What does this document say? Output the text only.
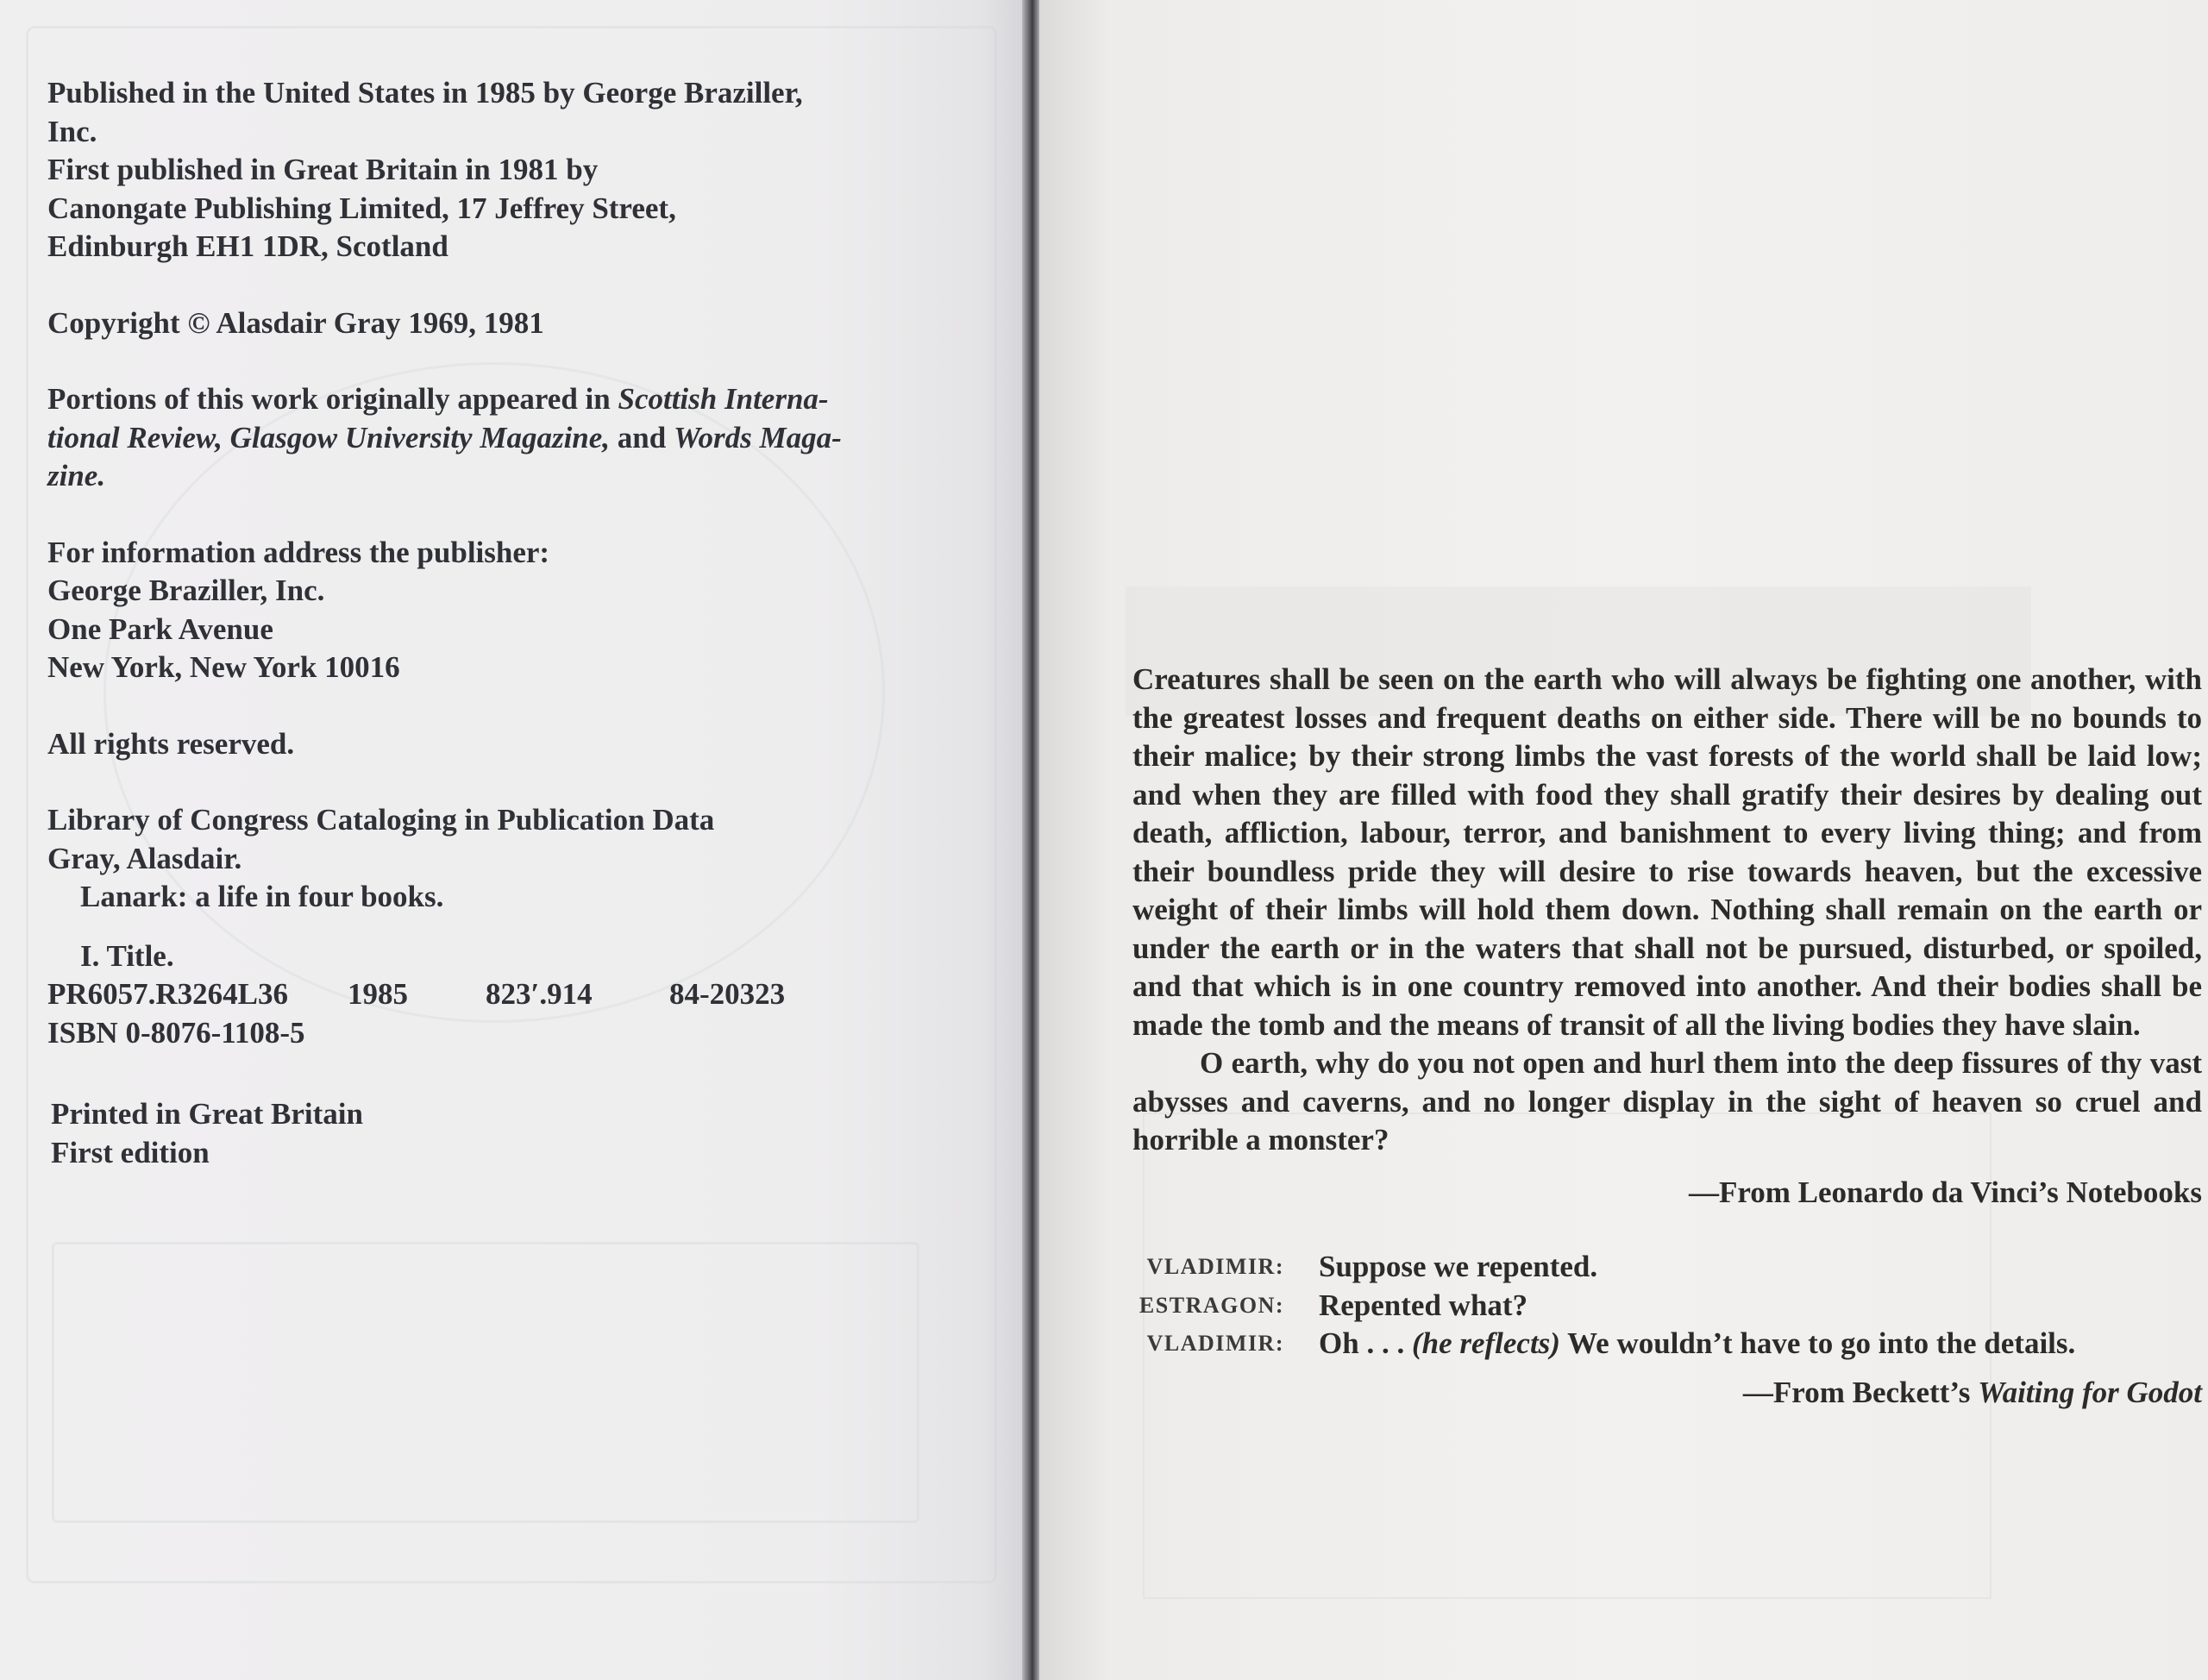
Published in the United States in 1985 by George Braziller,

Inc.

First published in Great Britain in 1981 by

Canongate Publishing Limited, 17 Jeffrey Street,

Edinburgh EH1 1DR, Scotland

Copyright © Alasdair Gray 1969, 1981

Portions of this work originally appeared in Scottish Interna-

tional Review, Glasgow University Magazine, and Words Maga-

zine.

For information address the publisher:

George Braziller, Inc.

One Park Avenue

New York, New York 10016

All rights reserved.

Library of Congress Cataloging in Publication Data

Gray, Alasdair.

Lanark: a life in four books.

I. Title.

PR6057.R3264L36	1985	823′.914	84-20323

ISBN 0-8076-1108-5

Printed in Great Britain

First edition

Creatures shall be seen on the earth who will always be fighting one another, with the greatest losses and frequent deaths on either side. There will be no bounds to their malice; by their strong limbs the vast forests of the world shall be laid low; and when they are filled with food they shall gratify their desires by dealing out death, affliction, labour, terror, and banishment to every living thing; and from their boundless pride they will desire to rise towards heaven, but the excessive weight of their limbs will hold them down. Nothing shall remain on the earth or under the earth or in the waters that shall not be pursued, disturbed, or spoiled, and that which is in one country removed into another. And their bodies shall be made the tomb and the means of transit of all the living bodies they have slain.

O earth, why do you not open and hurl them into the deep fissures of thy vast abysses and caverns, and no longer display in the sight of heaven so cruel and horrible a monster?

—From Leonardo da Vinci’s Notebooks

VLADIMIR:	Suppose we repented.
ESTRAGON:	Repented what?
VLADIMIR:	Oh . . . (he reflects) We wouldn’t have to go into the details.

—From Beckett’s Waiting for Godot
